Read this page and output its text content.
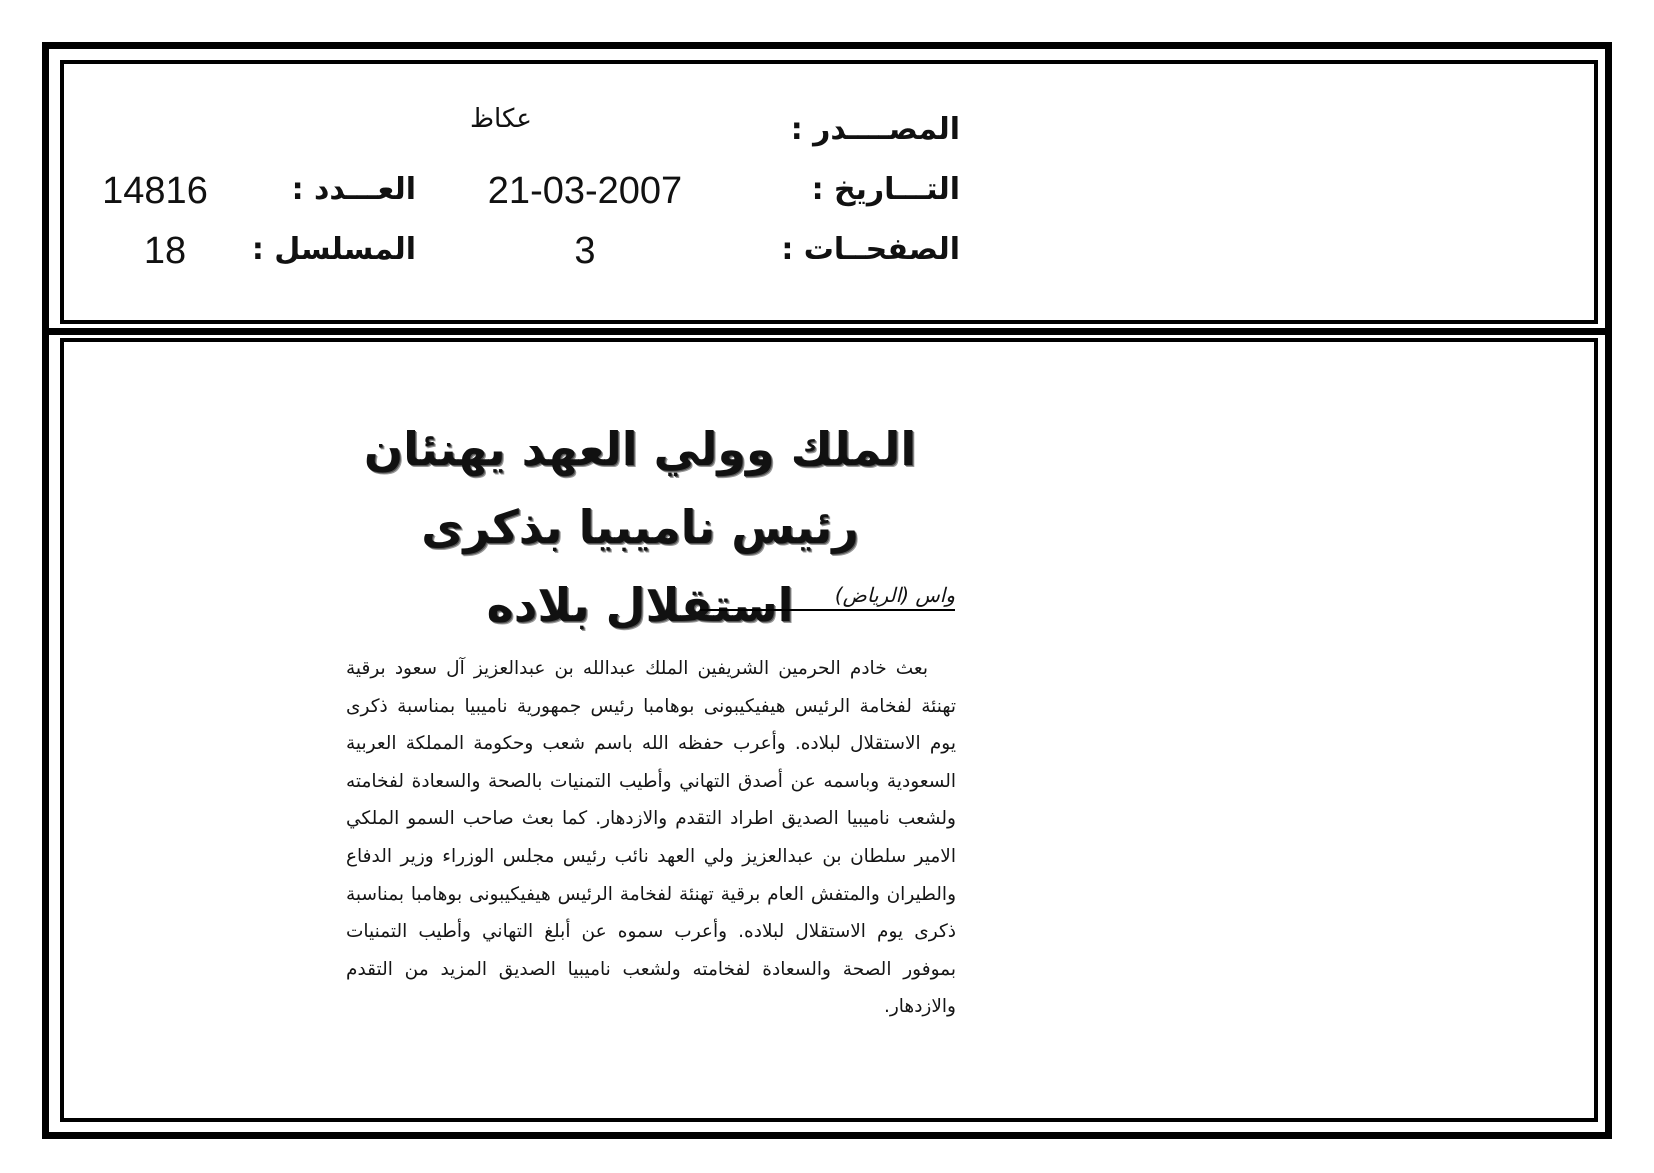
المصــــدر :
التـــاريخ :
الصفحــات :
عكاظ
21-03-2007
3
العـــدد :
المسلسل :
14816
18
الملك وولي العهد يهنئان رئيس ناميبيا بذكرى استقلال بلاده	واس (الرياض)
بعث خادم الحرمين الشريفين الملك عبدالله بن عبدالعزيز آل سعود برقية تهنئة لفخامة الرئيس هيفيكيبونى بوهامبا رئيس جمهورية ناميبيا بمناسبة ذكرى يوم الاستقلال لبلاده. وأعرب حفظه الله باسم شعب وحكومة المملكة العربية السعودية وباسمه عن أصدق التهاني وأطيب التمنيات بالصحة والسعادة لفخامته ولشعب ناميبيا الصديق اطراد التقدم والازدهار. كما بعث صاحب السمو الملكي الامير سلطان بن عبدالعزيز ولي العهد نائب رئيس مجلس الوزراء وزير الدفاع والطيران والمتفش العام برقية تهنئة لفخامة الرئيس هيفيكيبونى بوهامبا بمناسبة ذكرى يوم الاستقلال لبلاده. وأعرب سموه عن أبلغ التهاني وأطيب التمنيات بموفور الصحة والسعادة لفخامته ولشعب ناميبيا الصديق المزيد من التقدم والازدهار.
